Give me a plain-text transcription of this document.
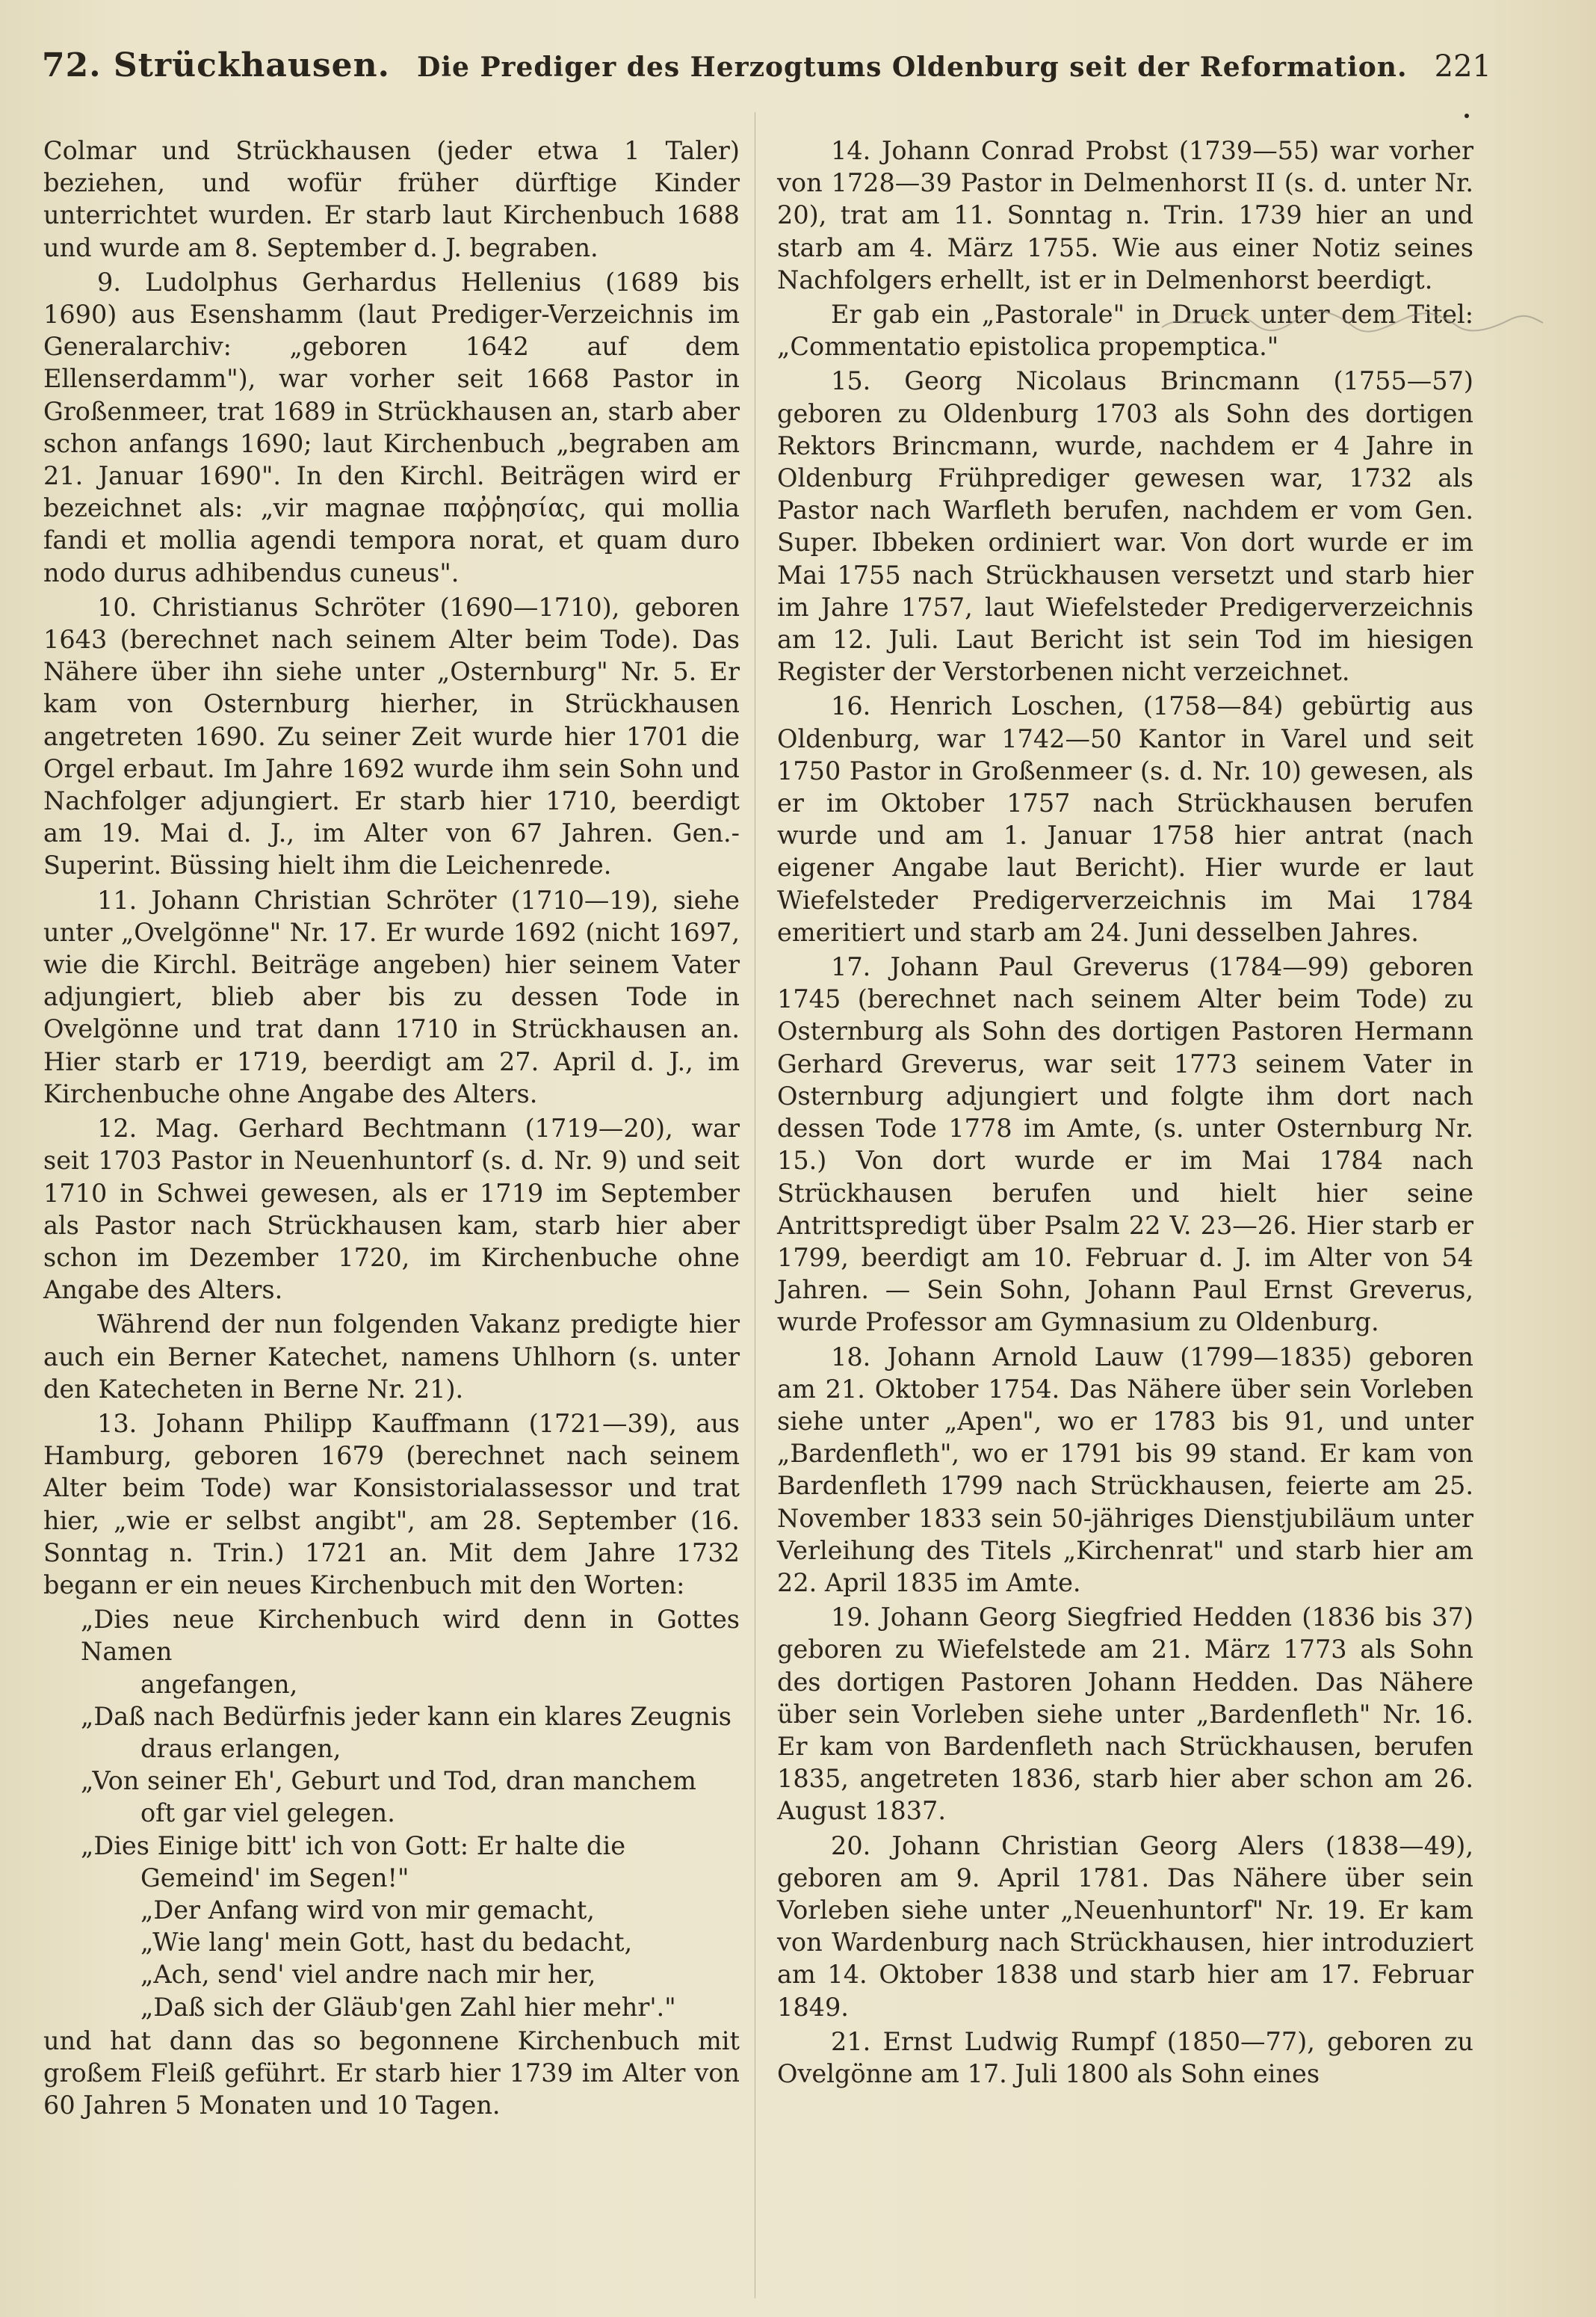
72. Strückhausen. Die Prediger des Herzogtums Oldenburg seit der Reformation. 221

Colmar und Strückhausen (jeder etwa 1 Taler) beziehen, und wofür früher dürftige Kinder unterrichtet wurden. Er starb laut Kirchenbuch 1688 und wurde am 8. September d. J. begraben.

9. Ludolphus Gerhardus Hellenius (1689 bis 1690) aus Esenshamm (laut Prediger-Verzeichnis im Generalarchiv: „geboren 1642 auf dem Ellenserdamm"), war vorher seit 1668 Pastor in Großenmeer, trat 1689 in Strückhausen an, starb aber schon anfangs 1690; laut Kirchenbuch „begraben am 21. Januar 1690". In den Kirchl. Beiträgen wird er bezeichnet als: „vir magnae παῤῥησίας, qui mollia fandi et mollia agendi tempora norat, et quam duro nodo durus adhibendus cuneus".

10. Christianus Schröter (1690—1710), geboren 1643 (berechnet nach seinem Alter beim Tode). Das Nähere über ihn siehe unter „Osternburg" Nr. 5. Er kam von Osternburg hierher, in Strückhausen angetreten 1690. Zu seiner Zeit wurde hier 1701 die Orgel erbaut. Im Jahre 1692 wurde ihm sein Sohn und Nachfolger adjungiert. Er starb hier 1710, beerdigt am 19. Mai d. J., im Alter von 67 Jahren. Gen.-Superint. Büssing hielt ihm die Leichenrede.

11. Johann Christian Schröter (1710—19), siehe unter „Ovelgönne" Nr. 17. Er wurde 1692 (nicht 1697, wie die Kirchl. Beiträge angeben) hier seinem Vater adjungiert, blieb aber bis zu dessen Tode in Ovelgönne und trat dann 1710 in Strückhausen an. Hier starb er 1719, beerdigt am 27. April d. J., im Kirchenbuche ohne Angabe des Alters.

12. Mag. Gerhard Bechtmann (1719—20), war seit 1703 Pastor in Neuenhuntorf (s. d. Nr. 9) und seit 1710 in Schwei gewesen, als er 1719 im September als Pastor nach Strückhausen kam, starb hier aber schon im Dezember 1720, im Kirchenbuche ohne Angabe des Alters.

Während der nun folgenden Vakanz predigte hier auch ein Berner Katechet, namens Uhlhorn (s. unter den Katecheten in Berne Nr. 21).

13. Johann Philipp Kauffmann (1721—39), aus Hamburg, geboren 1679 (berechnet nach seinem Alter beim Tode) war Konsistorialassessor und trat hier, „wie er selbst angibt", am 28. September (16. Sonntag n. Trin.) 1721 an. Mit dem Jahre 1732 begann er ein neues Kirchenbuch mit den Worten:

„Dies neue Kirchenbuch wird denn in Gottes Namen
angefangen,
„Daß nach Bedürfnis jeder kann ein klares Zeugnis
draus erlangen,
„Von seiner Eh', Geburt und Tod, dran manchem
oft gar viel gelegen.
„Dies Einige bitt' ich von Gott: Er halte die
Gemeind' im Segen!"
„Der Anfang wird von mir gemacht,
„Wie lang' mein Gott, hast du bedacht,
„Ach, send' viel andre nach mir her,
„Daß sich der Gläub'gen Zahl hier mehr'."

und hat dann das so begonnene Kirchenbuch mit großem Fleiß geführt. Er starb hier 1739 im Alter von 60 Jahren 5 Monaten und 10 Tagen.

14. Johann Conrad Probst (1739—55) war vorher von 1728—39 Pastor in Delmenhorst II (s. d. unter Nr. 20), trat am 11. Sonntag n. Trin. 1739 hier an und starb am 4. März 1755. Wie aus einer Notiz seines Nachfolgers erhellt, ist er in Delmenhorst beerdigt.

Er gab ein „Pastorale" in Druck unter dem Titel: „Commentatio epistolica propemptica."

15. Georg Nicolaus Brincmann (1755—57) geboren zu Oldenburg 1703 als Sohn des dortigen Rektors Brincmann, wurde, nachdem er 4 Jahre in Oldenburg Frühprediger gewesen war, 1732 als Pastor nach Warfleth berufen, nachdem er vom Gen. Super. Ibbeken ordiniert war. Von dort wurde er im Mai 1755 nach Strückhausen versetzt und starb hier im Jahre 1757, laut Wiefelsteder Predigerverzeichnis am 12. Juli. Laut Bericht ist sein Tod im hiesigen Register der Verstorbenen nicht verzeichnet.

16. Henrich Loschen, (1758—84) gebürtig aus Oldenburg, war 1742—50 Kantor in Varel und seit 1750 Pastor in Großenmeer (s. d. Nr. 10) gewesen, als er im Oktober 1757 nach Strückhausen berufen wurde und am 1. Januar 1758 hier antrat (nach eigener Angabe laut Bericht). Hier wurde er laut Wiefelsteder Predigerverzeichnis im Mai 1784 emeritiert und starb am 24. Juni desselben Jahres.

17. Johann Paul Greverus (1784—99) geboren 1745 (berechnet nach seinem Alter beim Tode) zu Osternburg als Sohn des dortigen Pastoren Hermann Gerhard Greverus, war seit 1773 seinem Vater in Osternburg adjungiert und folgte ihm dort nach dessen Tode 1778 im Amte, (s. unter Osternburg Nr. 15.) Von dort wurde er im Mai 1784 nach Strückhausen berufen und hielt hier seine Antrittspredigt über Psalm 22 V. 23—26. Hier starb er 1799, beerdigt am 10. Februar d. J. im Alter von 54 Jahren. — Sein Sohn, Johann Paul Ernst Greverus, wurde Professor am Gymnasium zu Oldenburg.

18. Johann Arnold Lauw (1799—1835) geboren am 21. Oktober 1754. Das Nähere über sein Vorleben siehe unter „Apen", wo er 1783 bis 91, und unter „Bardenfleth", wo er 1791 bis 99 stand. Er kam von Bardenfleth 1799 nach Strückhausen, feierte am 25. November 1833 sein 50-jähriges Dienstjubiläum unter Verleihung des Titels „Kirchenrat" und starb hier am 22. April 1835 im Amte.

19. Johann Georg Siegfried Hedden (1836 bis 37) geboren zu Wiefelstede am 21. März 1773 als Sohn des dortigen Pastoren Johann Hedden. Das Nähere über sein Vorleben siehe unter „Bardenfleth" Nr. 16. Er kam von Bardenfleth nach Strückhausen, berufen 1835, angetreten 1836, starb hier aber schon am 26. August 1837.

20. Johann Christian Georg Alers (1838—49), geboren am 9. April 1781. Das Nähere über sein Vorleben siehe unter „Neuenhuntorf" Nr. 19. Er kam von Wardenburg nach Strückhausen, hier introduziert am 14. Oktober 1838 und starb hier am 17. Februar 1849.

21. Ernst Ludwig Rumpf (1850—77), geboren zu Ovelgönne am 17. Juli 1800 als Sohn eines
